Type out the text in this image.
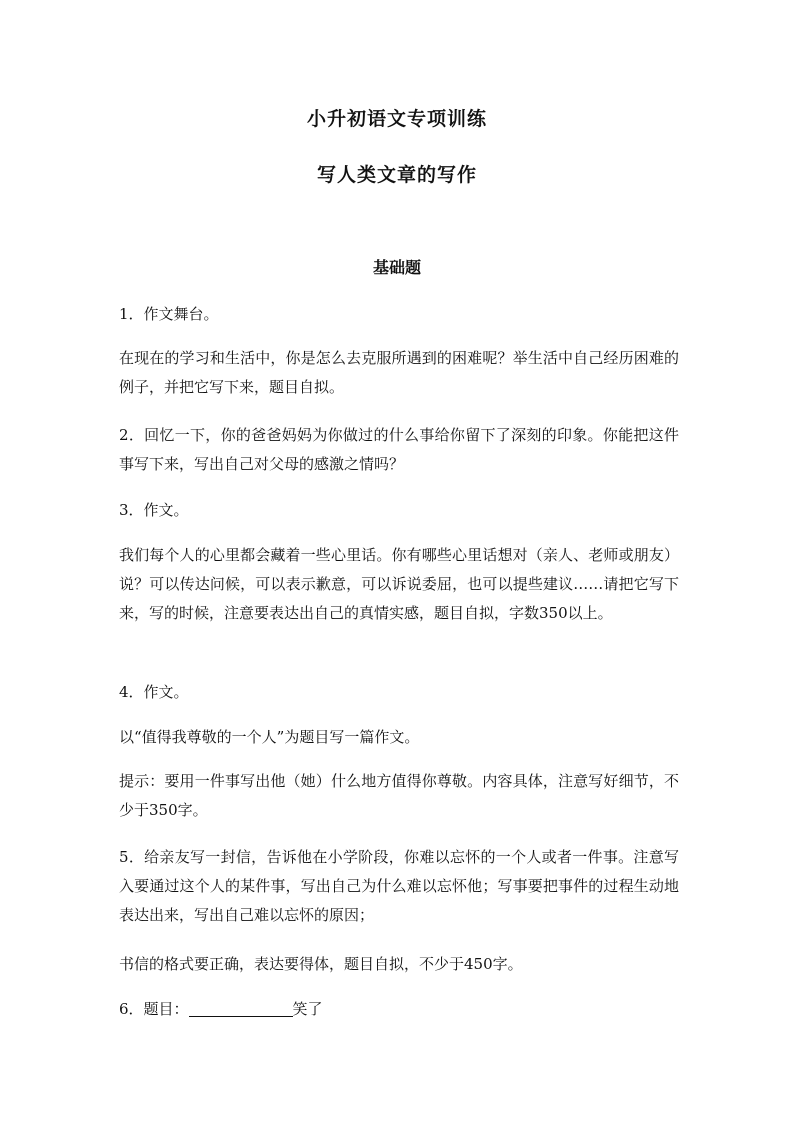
小升初语文专项训练
写人类文章的写作
基础题
1．作文舞台。
在现在的学习和生活中，你是怎么去克服所遇到的困难呢？举生活中自己经历困难的例子，并把它写下来，题目自拟。
2．回忆一下，你的爸爸妈妈为你做过的什么事给你留下了深刻的印象。你能把这件事写下来，写出自己对父母的感激之情吗？
3．作文。
我们每个人的心里都会藏着一些心里话。你有哪些心里话想对（亲人、老师或朋友）说？可以传达问候，可以表示歉意，可以诉说委屈，也可以提些建议……请把它写下来，写的时候，注意要表达出自己的真情实感，题目自拟，字数350以上。
4．作文。
以“值得我尊敬的一个人”为题目写一篇作文。
提示：要用一件事写出他（她）什么地方值得你尊敬。内容具体，注意写好细节，不少于350字。
5．给亲友写一封信，告诉他在小学阶段，你难以忘怀的一个人或者一件事。注意写入要通过这个人的某件事，写出自己为什么难以忘怀他；写事要把事件的过程生动地表达出来，写出自己难以忘怀的原因；
书信的格式要正确，表达要得体，题目自拟，不少于450字。
6．题目：	笑了
